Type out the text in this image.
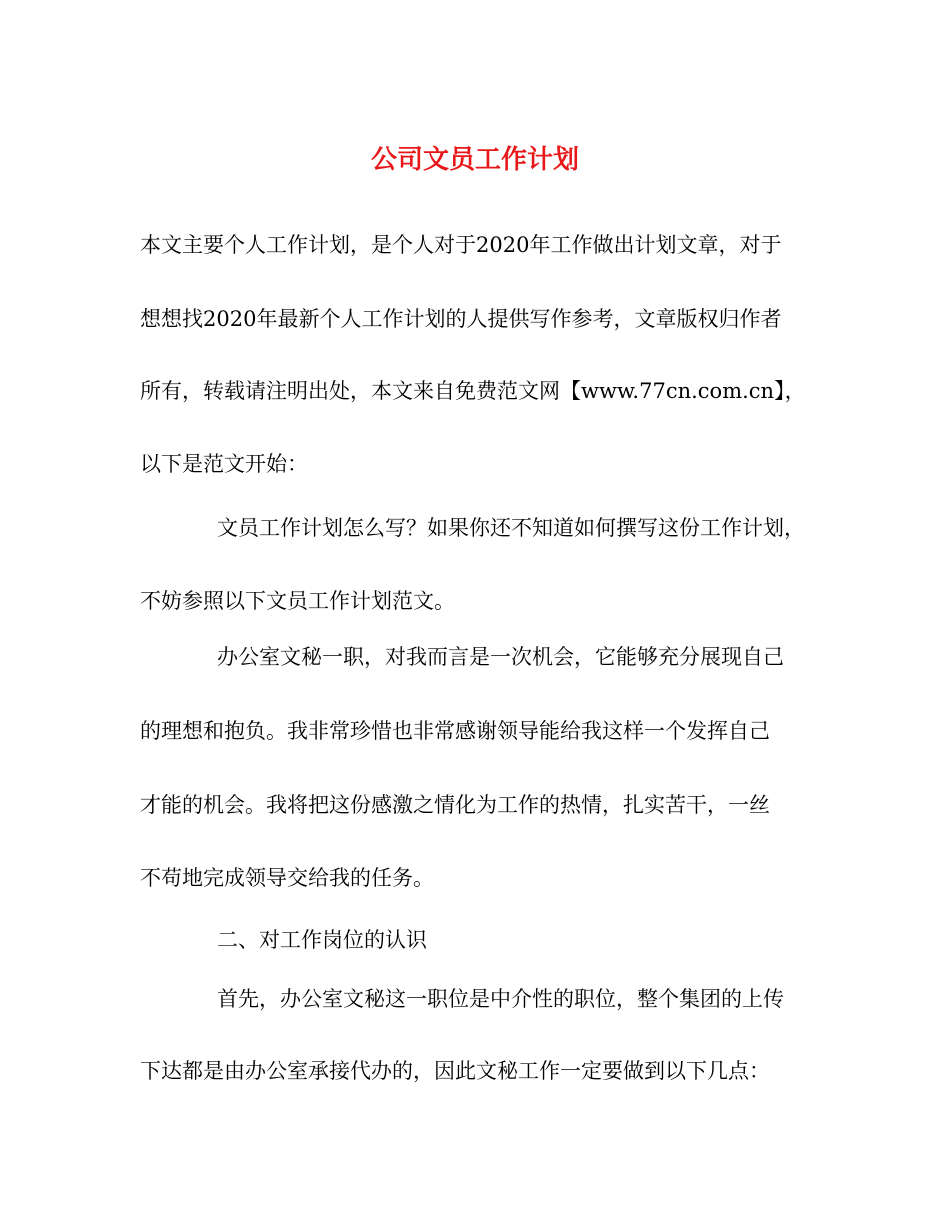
公司文员工作计划
本文主要个人工作计划，是个人对于2020年工作做出计划文章，对于
想想找2020年最新个人工作计划的人提供写作参考，文章版权归作者
所有，转载请注明出处，本文来自免费范文网【www.77cn.com.cn】，
以下是范文开始：
文员工作计划怎么写？如果你还不知道如何撰写这份工作计划，
不妨参照以下文员工作计划范文。
办公室文秘一职，对我而言是一次机会，它能够充分展现自己
的理想和抱负。我非常珍惜也非常感谢领导能给我这样一个发挥自己
才能的机会。我将把这份感激之情化为工作的热情，扎实苦干，一丝
不苟地完成领导交给我的任务。
二、对工作岗位的认识
首先，办公室文秘这一职位是中介性的职位，整个集团的上传
下达都是由办公室承接代办的，因此文秘工作一定要做到以下几点：
